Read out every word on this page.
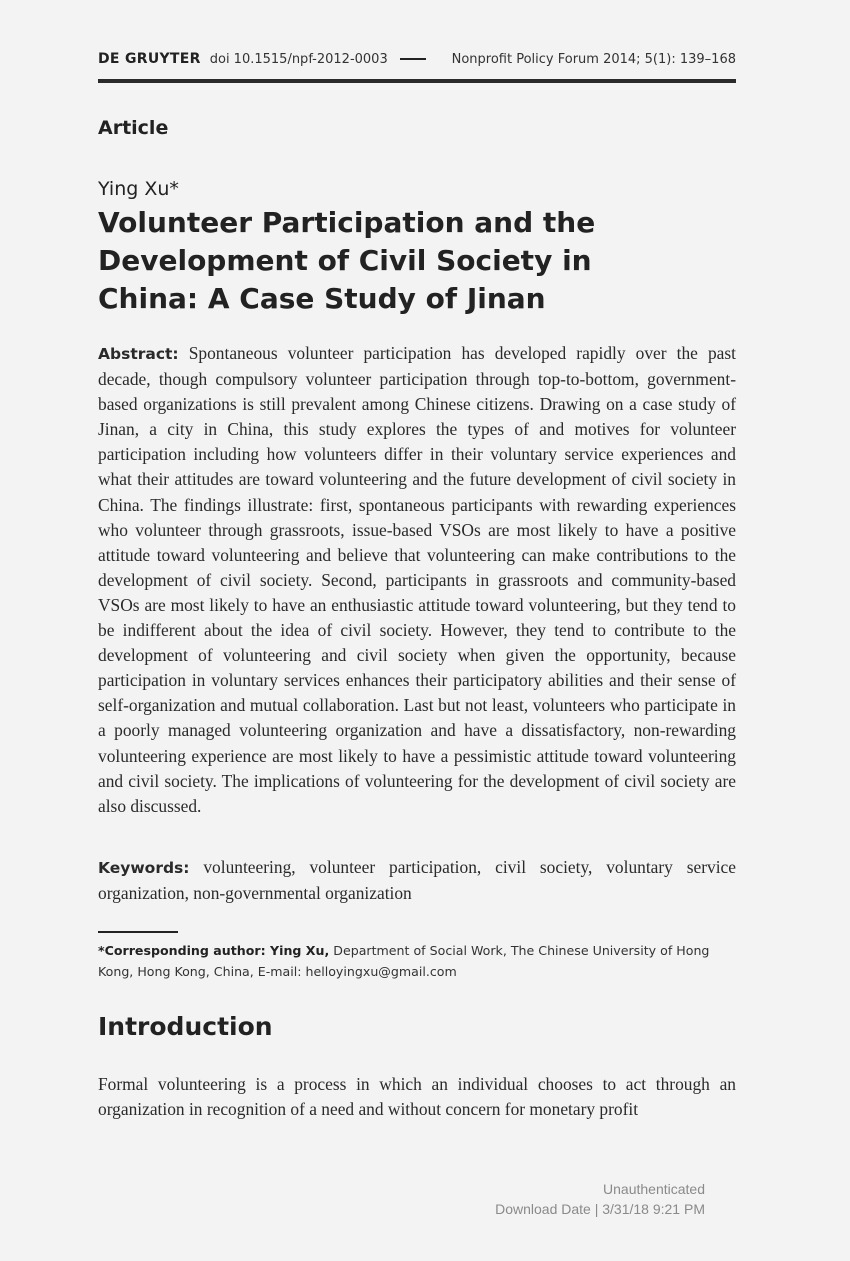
DE GRUYTER doi 10.1515/npf-2012-0003	Nonprofit Policy Forum 2014; 5(1): 139–168
Article
Ying Xu*
Volunteer Participation and the
Development of Civil Society in
China: A Case Study of Jinan

Abstract: Spontaneous volunteer participation has developed rapidly over the past decade, though compulsory volunteer participation through top-to-bottom, government-based organizations is still prevalent among Chinese citizens. Drawing on a case study of Jinan, a city in China, this study explores the types of and motives for volunteer participation including how volunteers differ in their voluntary service experiences and what their attitudes are toward volunteering and the future development of civil society in China. The findings illustrate: first, spontaneous participants with rewarding experiences who volunteer through grassroots, issue-based VSOs are most likely to have a positive attitude toward volunteering and believe that volunteering can make contributions to the development of civil society. Second, participants in grassroots and community-based VSOs are most likely to have an enthusiastic attitude toward volunteering, but they tend to be indifferent about the idea of civil society. However, they tend to contribute to the development of volunteering and civil society when given the opportunity, because participation in voluntary services enhances their participatory abilities and their sense of self-organization and mutual collaboration. Last but not least, volunteers who participate in a poorly managed volunteering organization and have a dissatisfactory, non-rewarding volunteering experience are most likely to have a pessimistic attitude toward volunteering and civil society. The implications of volunteering for the development of civil society are also discussed.

Keywords: volunteering, volunteer participation, civil society, voluntary service organization, non-governmental organization

*Corresponding author: Ying Xu, Department of Social Work, The Chinese University of Hong Kong, Hong Kong, China, E-mail: helloyingxu@gmail.com

Introduction

Formal volunteering is a process in which an individual chooses to act through an organization in recognition of a need and without concern for monetary profit

Unauthenticated
Download Date | 3/31/18 9:21 PM
